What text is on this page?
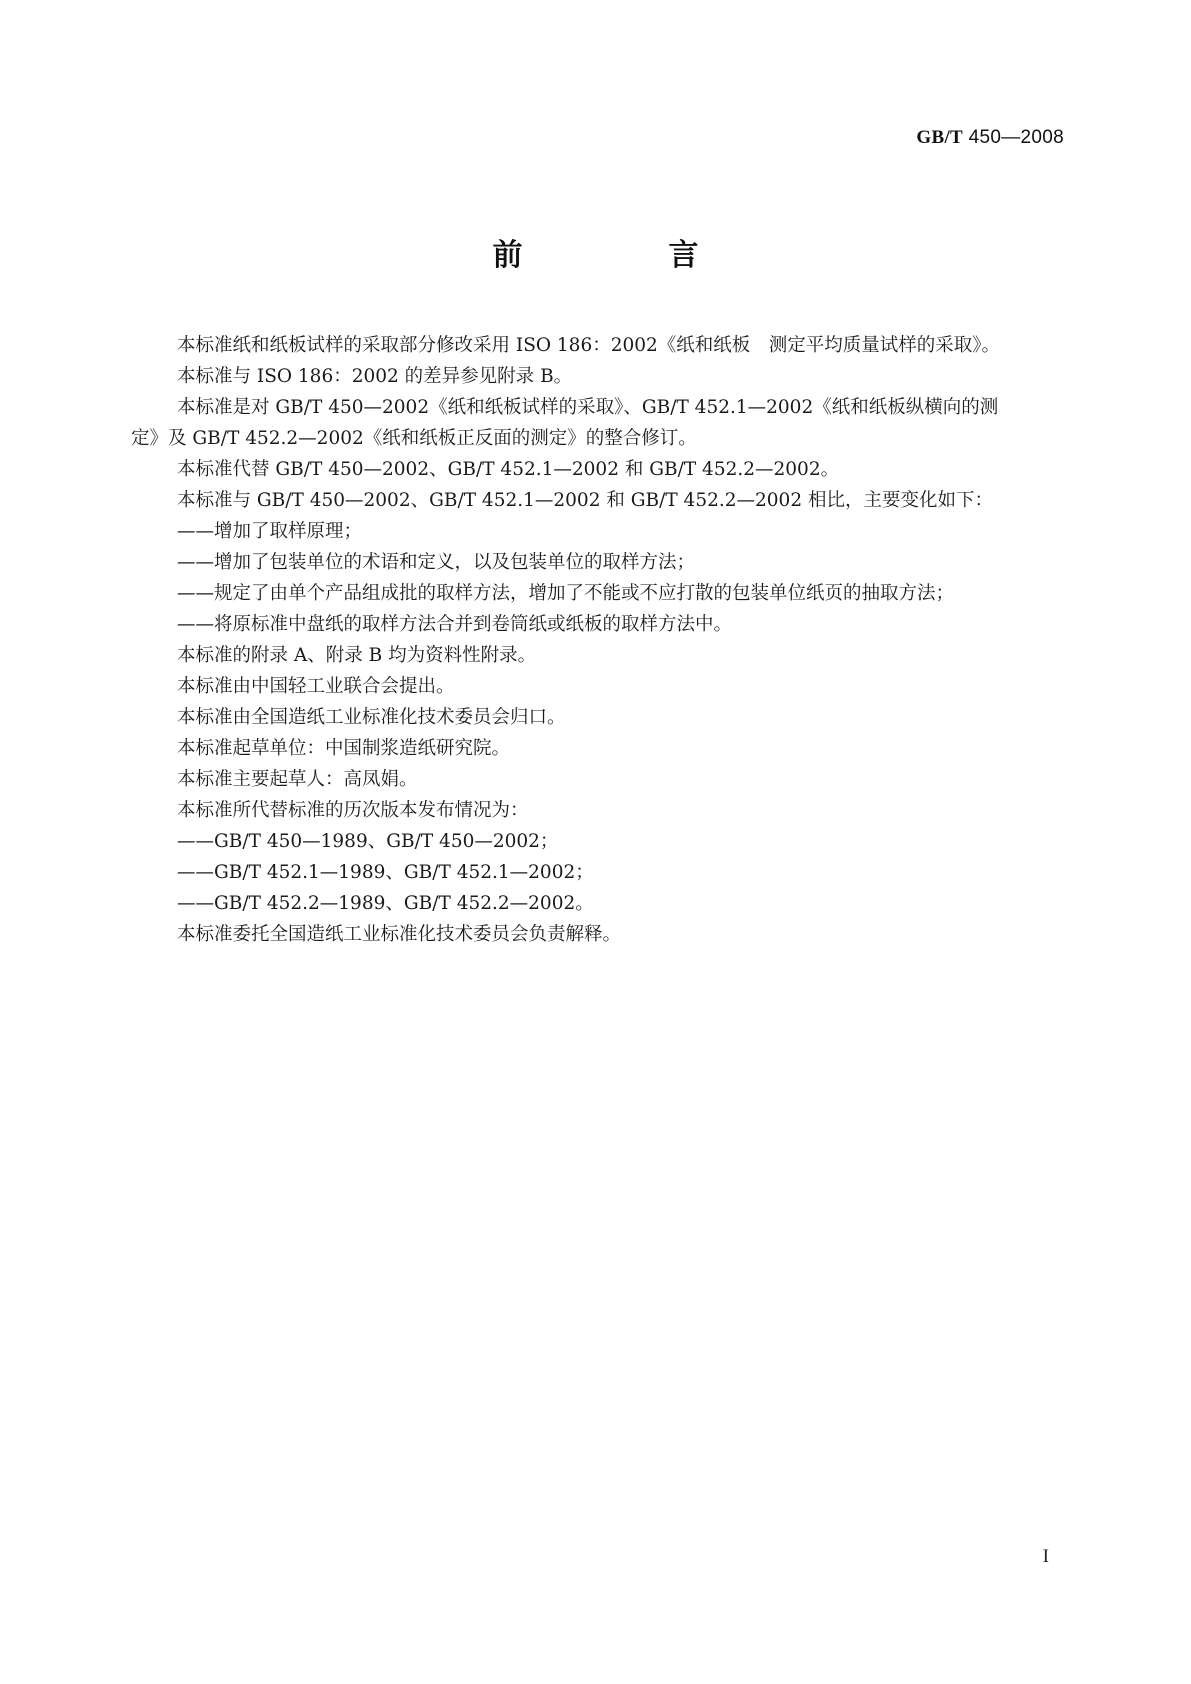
GB/T 450—2008
前　言

本标准纸和纸板试样的采取部分修改采用 ISO 186：2002《纸和纸板　测定平均质量试样的采取》。

本标准与 ISO 186：2002 的差异参见附录 B。

本标准是对 GB/T 450—2002《纸和纸板试样的采取》、GB/T 452.1—2002《纸和纸板纵横向的测

定》及 GB/T 452.2—2002《纸和纸板正反面的测定》的整合修订。

本标准代替 GB/T 450—2002、GB/T 452.1—2002 和 GB/T 452.2—2002。

本标准与 GB/T 450—2002、GB/T 452.1—2002 和 GB/T 452.2—2002 相比，主要变化如下：

——增加了取样原理；

——增加了包装单位的术语和定义，以及包装单位的取样方法；

——规定了由单个产品组成批的取样方法，增加了不能或不应打散的包装单位纸页的抽取方法；

——将原标准中盘纸的取样方法合并到卷筒纸或纸板的取样方法中。

本标准的附录 A、附录 B 均为资料性附录。

本标准由中国轻工业联合会提出。

本标准由全国造纸工业标准化技术委员会归口。

本标准起草单位：中国制浆造纸研究院。

本标准主要起草人：高凤娟。

本标准所代替标准的历次版本发布情况为：

——GB/T 450—1989、GB/T 450—2002；

——GB/T 452.1—1989、GB/T 452.1—2002；

——GB/T 452.2—1989、GB/T 452.2—2002。

本标准委托全国造纸工业标准化技术委员会负责解释。

I
